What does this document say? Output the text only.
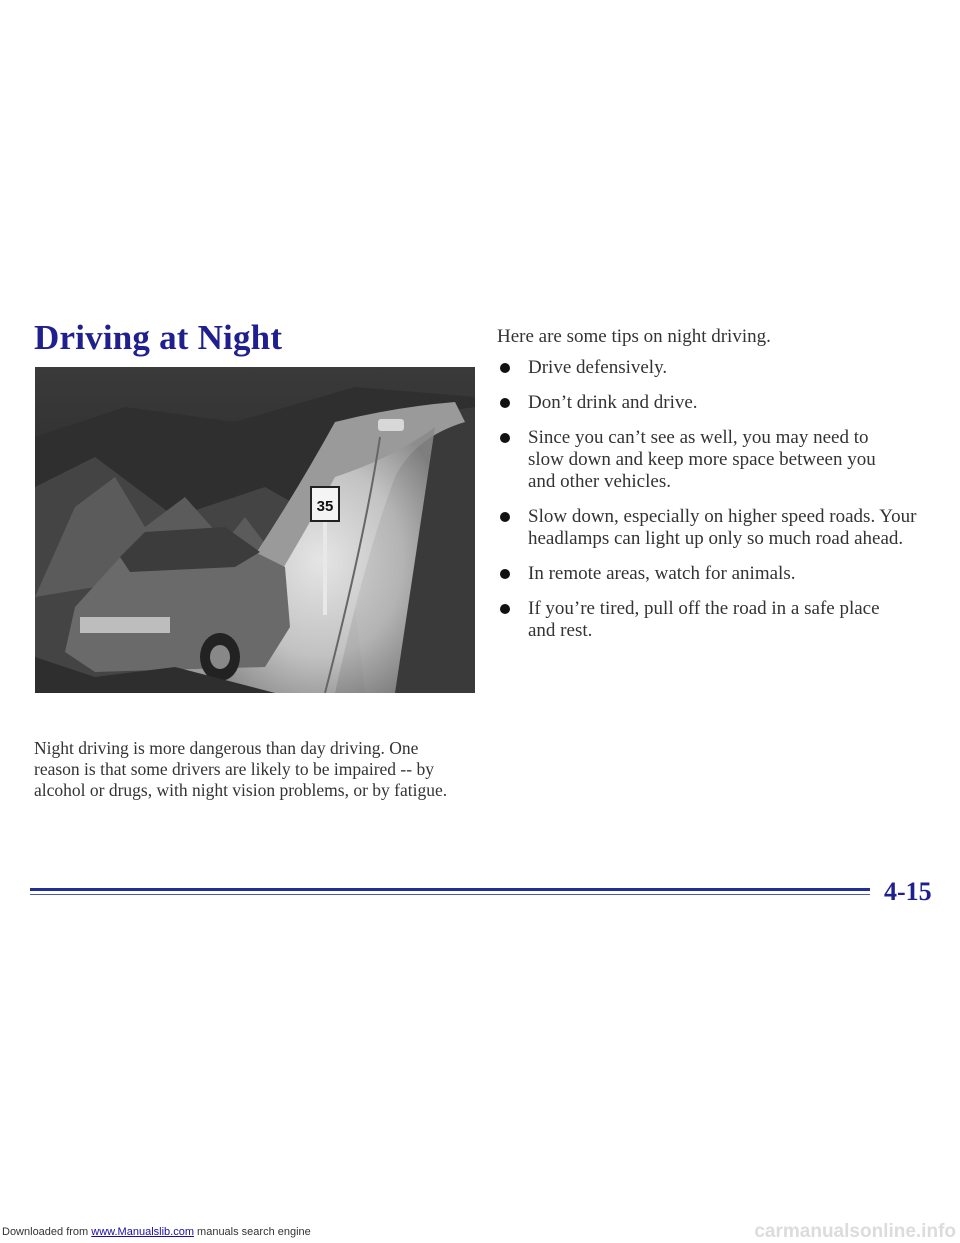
Driving at Night
35

Night driving is more dangerous than day driving. One
reason is that some drivers are likely to be impaired -- by
alcohol or drugs, with night vision problems, or by fatigue.

Here are some tips on night driving.
Drive defensively.
Don’t drink and drive.
Since you can’t see as well, you may need to
slow down and keep more space between you
and other vehicles.
Slow down, especially on higher speed roads. Your
headlamps can light up only so much road ahead.
In remote areas, watch for animals.
If you’re tired, pull off the road in a safe place
and rest.
4-15
Downloaded from www.Manualslib.com manuals search engine	carmanualsonline.info
